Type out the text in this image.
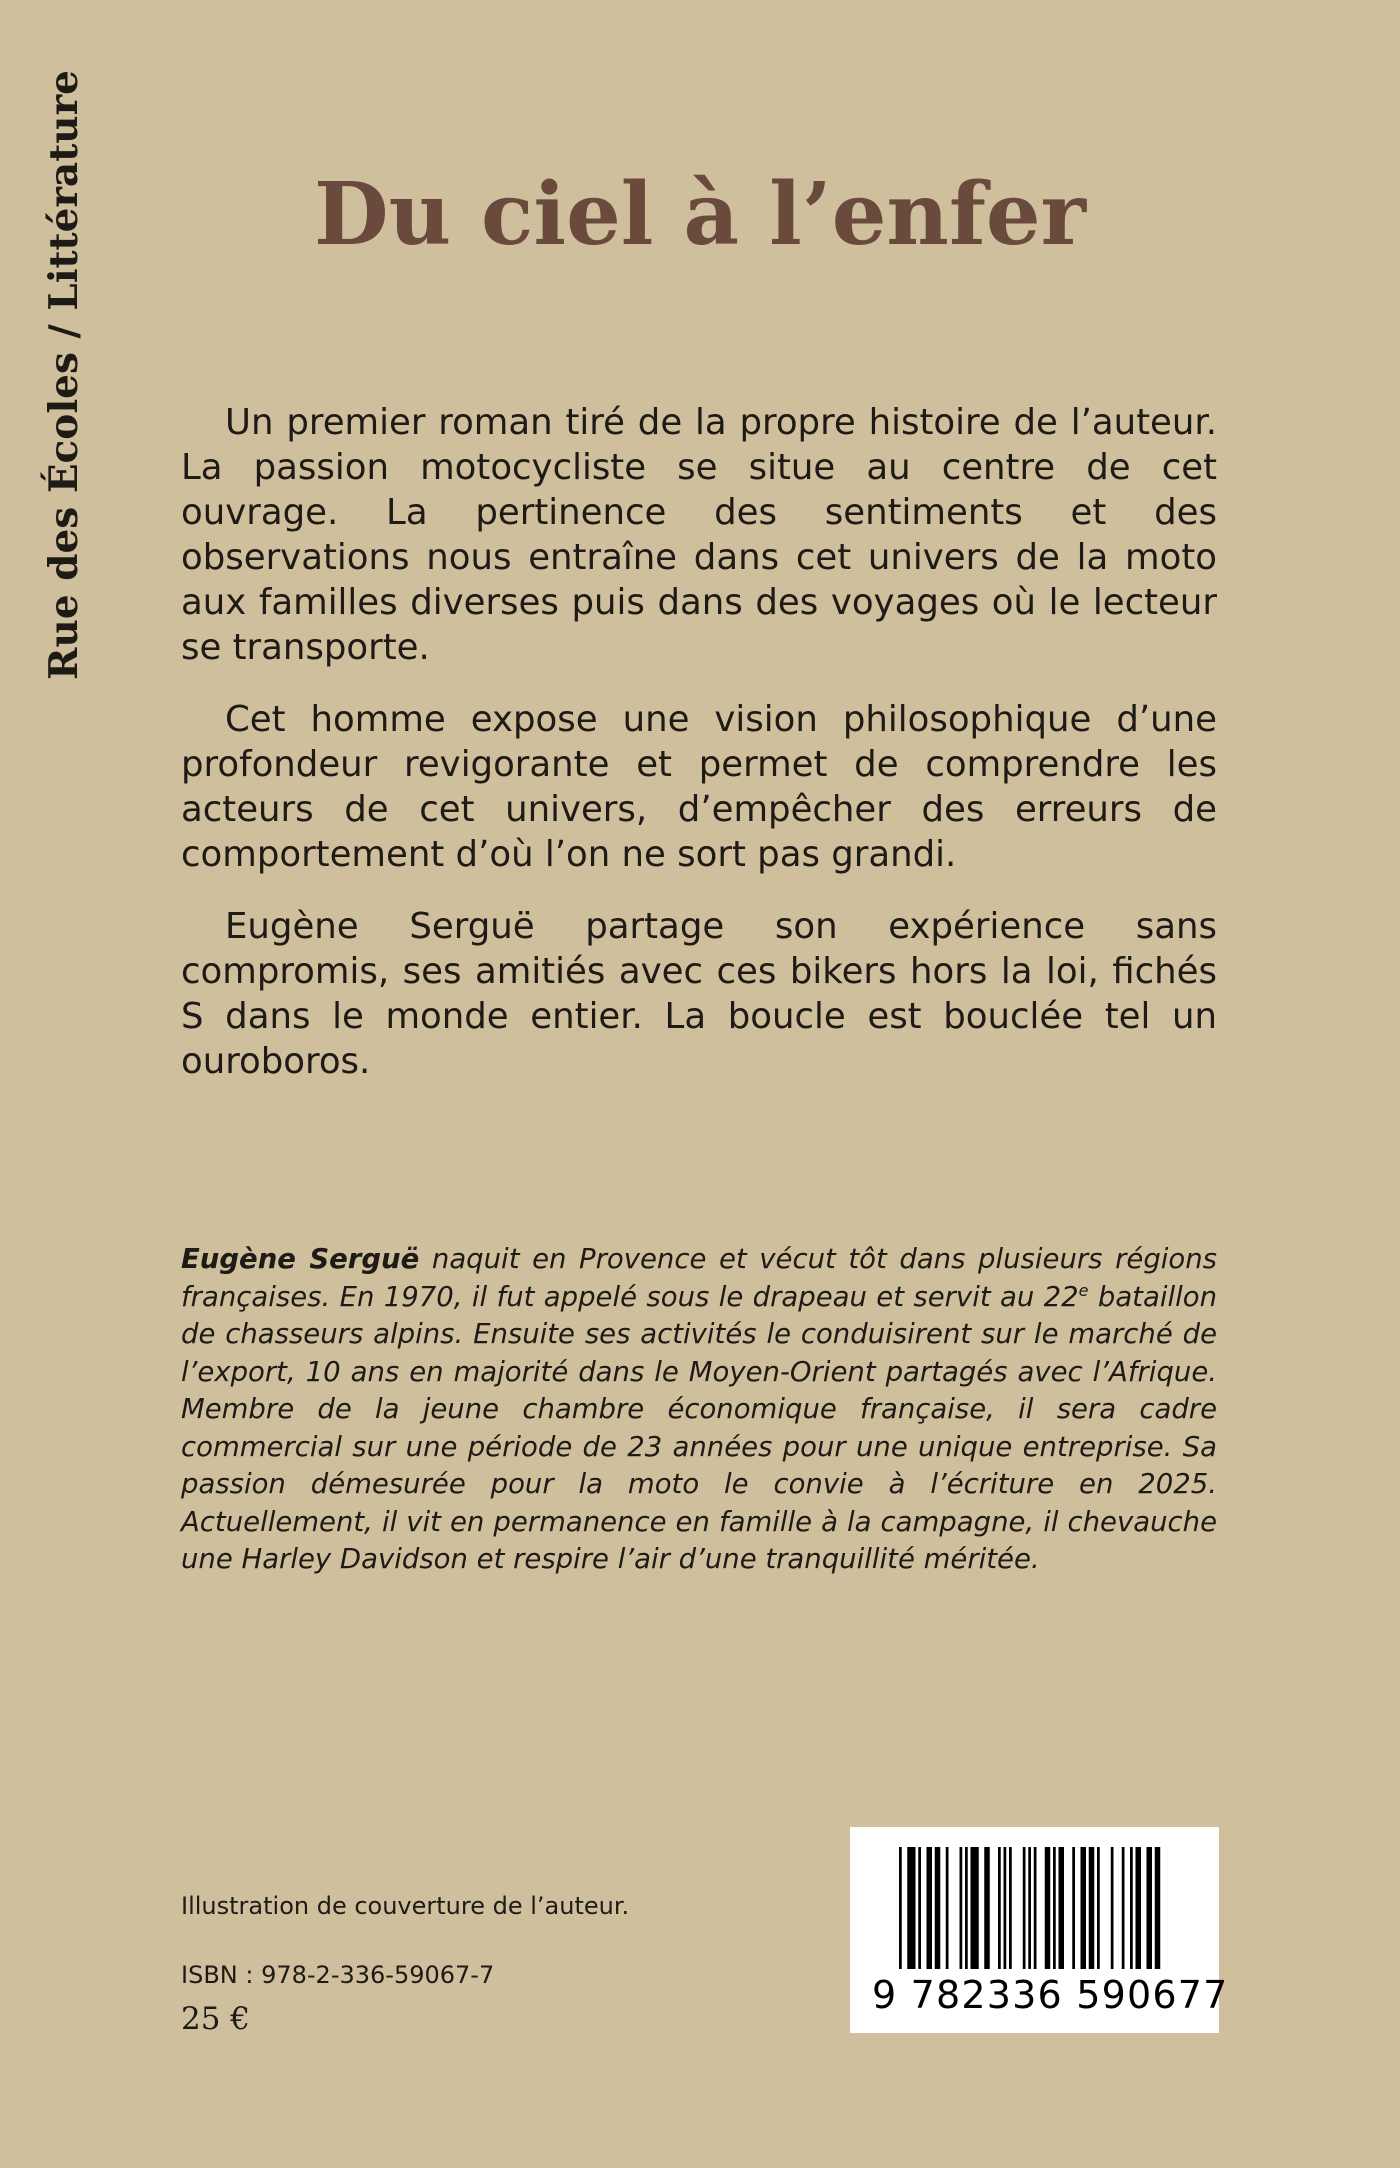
Rue des Écoles / Littérature	Du ciel à l’enfer

Un premier roman tiré de la propre histoire de l’auteur. La passion motocycliste se situe au centre de cet ouvrage. La pertinence des sentiments et des observations nous entraîne dans cet univers de la moto aux familles diverses puis dans des voyages où le lecteur se transporte.

Cet homme expose une vision philosophique d’une profondeur revigorante et permet de comprendre les acteurs de cet univers, d’empêcher des erreurs de comportement d’où l’on ne sort pas grandi.

Eugène Serguë partage son expérience sans compromis, ses amitiés avec ces bikers hors la loi, fichés S dans le monde entier. La boucle est bouclée tel un ouroboros.

Eugène Serguë naquit en Provence et vécut tôt dans plusieurs régions françaises. En 1970, il fut appelé sous le drapeau et servit au 22e bataillon de chasseurs alpins. Ensuite ses activités le conduisirent sur le marché de l’export, 10 ans en majorité dans le Moyen-Orient partagés avec l’Afrique. Membre de la jeune chambre économique française, il sera cadre commercial sur une période de 23 années pour une unique entreprise. Sa passion démesurée pour la moto le convie à l’écriture en 2025. Actuellement, il vit en permanence en famille à la campagne, il chevauche une Harley Davidson et respire l’air d’une tranquillité méritée.

Illustration de couverture de l’auteur.
ISBN : 978-2-336-59067-7
25 €
9 782336 590677
